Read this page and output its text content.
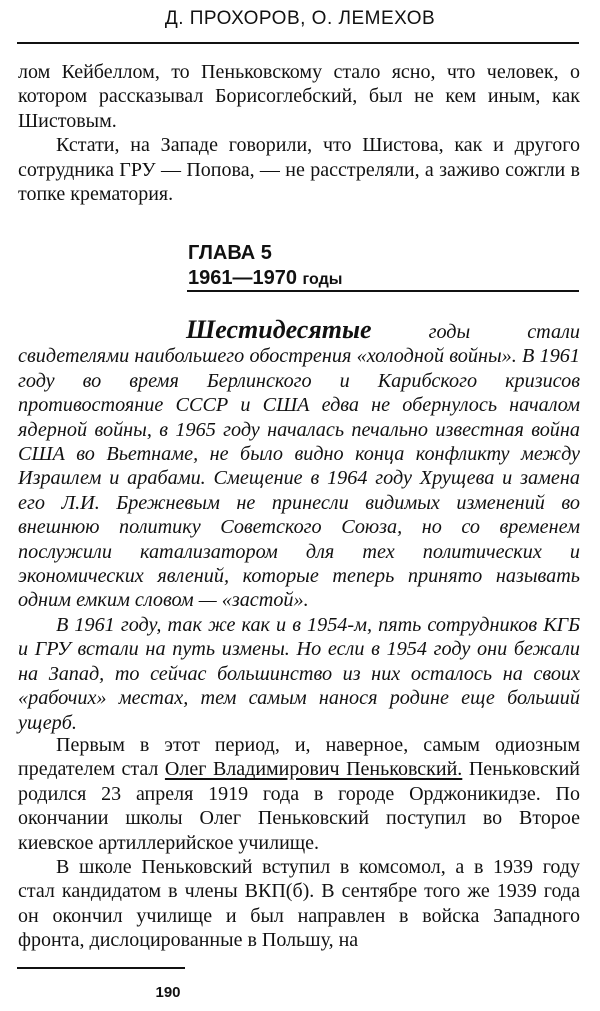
Д. ПРОХОРОВ, О. ЛЕМЕХОВ

лом Кейбеллом, то Пеньковскому стало ясно, что человек, о котором рассказывал Борисоглебский, был не кем иным, как Шистовым.

Кстати, на Западе говорили, что Шистова, как и другого сотрудника ГРУ — Попова, — не расстреляли, а заживо сожгли в топке крематория.

ГЛАВА 5
1961—1970 годы

Шестидесятые годы стали свидетелями наибольшего обострения «холодной войны». В 1961 году во время Берлинского и Карибского кризисов противостояние СССР и США едва не обернулось началом ядерной войны, в 1965 году началась печально известная война США во Вьетнаме, не было видно конца конфликту между Израилем и арабами. Смещение в 1964 году Хрущева и замена его Л.И. Брежневым не принесли видимых изменений во внешнюю политику Советского Союза, но со временем послужили катализатором для тех политических и экономических явлений, которые теперь принято называть одним емким словом — «застой».

В 1961 году, так же как и в 1954-м, пять сотрудников КГБ и ГРУ встали на путь измены. Но если в 1954 году они бежали на Запад, то сейчас большинство из них осталось на своих «рабочих» местах, тем самым нанося родине еще больший ущерб.

Первым в этот период, и, наверное, самым одиозным предателем стал Олег Владимирович Пеньковский. Пеньковский родился 23 апреля 1919 года в городе Орджоникидзе. По окончании школы Олег Пеньковский поступил во Второе киевское артиллерийское училище.

В школе Пеньковский вступил в комсомол, а в 1939 году стал кандидатом в члены ВКП(б). В сентябре того же 1939 года он окончил училище и был направлен в войска Западного фронта, дислоцированные в Польшу, на

190
